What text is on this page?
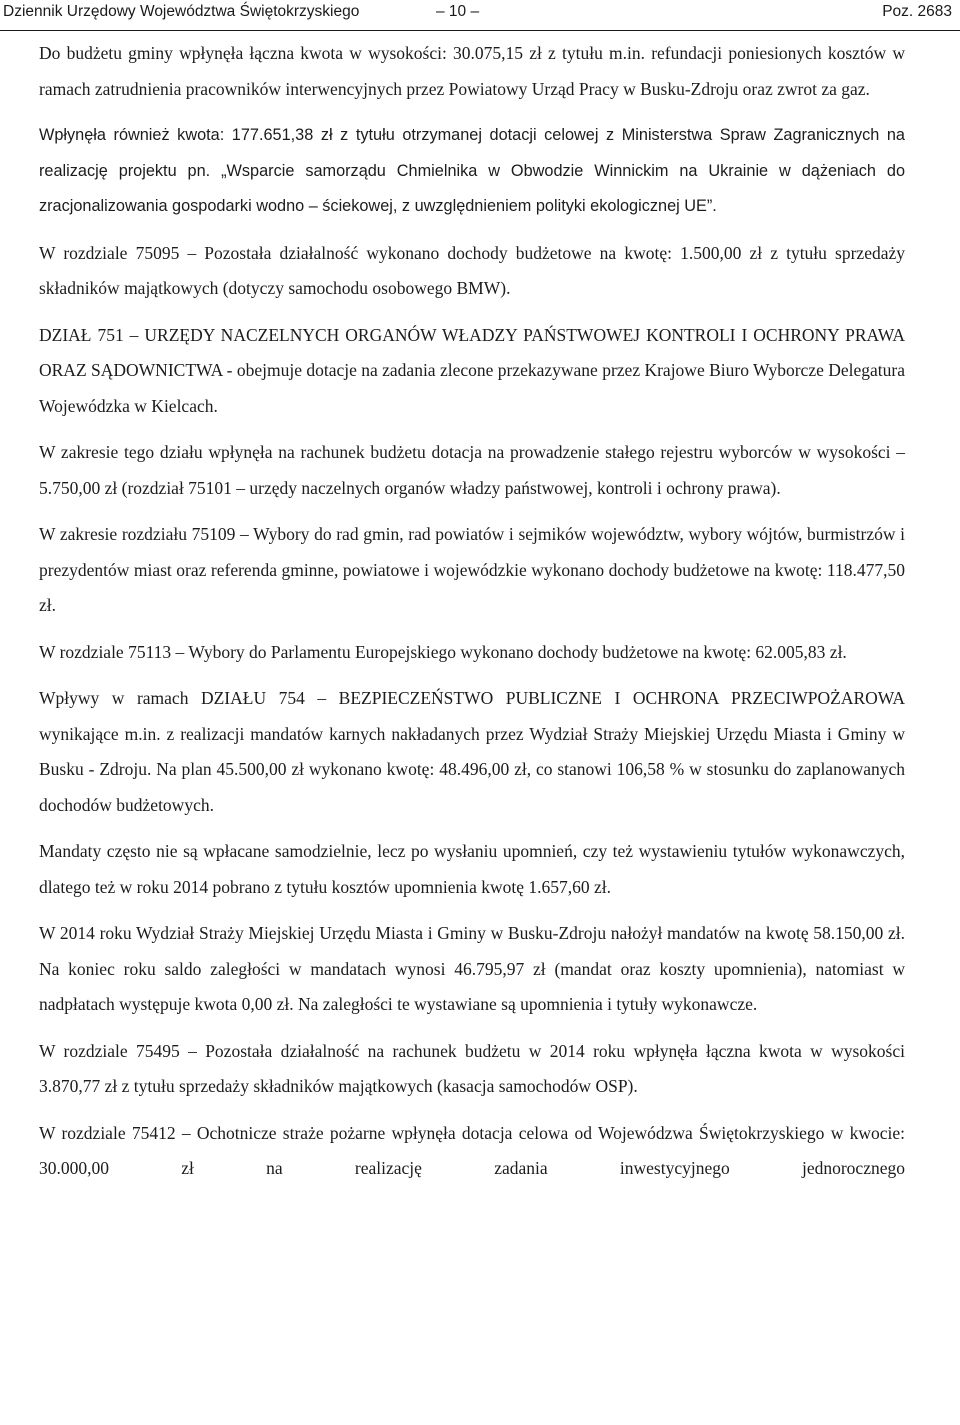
Dziennik Urzędowy Województwa Świętokrzyskiego	– 10 –	Poz. 2683

Do budżetu gminy wpłynęła łączna kwota w wysokości: 30.075,15 zł z tytułu m.in. refundacji poniesionych kosztów w ramach zatrudnienia pracowników interwencyjnych przez Powiatowy Urząd Pracy w Busku-Zdroju oraz zwrot za gaz.

Wpłynęła również kwota: 177.651,38 zł z tytułu otrzymanej dotacji celowej z Ministerstwa Spraw Zagranicznych na realizację projektu pn. „Wsparcie samorządu Chmielnika w Obwodzie Winnickim na Ukrainie w dążeniach do zracjonalizowania gospodarki wodno – ściekowej, z uwzględnieniem polityki ekologicznej UE”.

W rozdziale 75095 – Pozostała działalność wykonano dochody budżetowe na kwotę: 1.500,00 zł z tytułu sprzedaży składników majątkowych (dotyczy samochodu osobowego BMW).

DZIAŁ 751 – URZĘDY NACZELNYCH ORGANÓW WŁADZY PAŃSTWOWEJ KONTROLI I OCHRONY PRAWA ORAZ SĄDOWNICTWA - obejmuje dotacje na zadania zlecone przekazywane przez Krajowe Biuro Wyborcze Delegatura Wojewódzka w Kielcach.

W zakresie tego działu wpłynęła na rachunek budżetu dotacja na prowadzenie stałego rejestru wyborców w wysokości – 5.750,00 zł (rozdział 75101 – urzędy naczelnych organów władzy państwowej, kontroli i ochrony prawa).

W zakresie rozdziału 75109 – Wybory do rad gmin, rad powiatów i sejmików województw, wybory wójtów, burmistrzów i prezydentów miast oraz referenda gminne, powiatowe i wojewódzkie wykonano dochody budżetowe na kwotę: 118.477,50 zł.

W rozdziale 75113 – Wybory do Parlamentu Europejskiego wykonano dochody budżetowe na kwotę: 62.005,83 zł.

Wpływy w ramach DZIAŁU 754 – BEZPIECZEŃSTWO PUBLICZNE I OCHRONA PRZECIWPOŻAROWA wynikające m.in. z realizacji mandatów karnych nakładanych przez Wydział Straży Miejskiej Urzędu Miasta i Gminy w Busku - Zdroju. Na plan 45.500,00 zł wykonano kwotę: 48.496,00 zł, co stanowi 106,58 % w stosunku do zaplanowanych dochodów budżetowych.

Mandaty często nie są wpłacane samodzielnie, lecz po wysłaniu upomnień, czy też wystawieniu tytułów wykonawczych, dlatego też w roku 2014 pobrano z tytułu kosztów upomnienia kwotę 1.657,60 zł.

W 2014 roku Wydział Straży Miejskiej Urzędu Miasta i Gminy w Busku-Zdroju nałożył mandatów na kwotę 58.150,00 zł. Na koniec roku saldo zaległości w mandatach wynosi 46.795,97 zł (mandat oraz koszty upomnienia), natomiast w nadpłatach występuje kwota 0,00 zł. Na zaległości te wystawiane są upomnienia i tytuły wykonawcze.

W rozdziale 75495 – Pozostała działalność na rachunek budżetu w 2014 roku wpłynęła łączna kwota w wysokości 3.870,77 zł z tytułu sprzedaży składników majątkowych (kasacja samochodów OSP).

W rozdziale 75412 – Ochotnicze straże pożarne wpłynęła dotacja celowa od Wojewódzwa Świętokrzyskiego w kwocie: 30.000,00 zł na realizację zadania inwestycyjnego jednorocznego
